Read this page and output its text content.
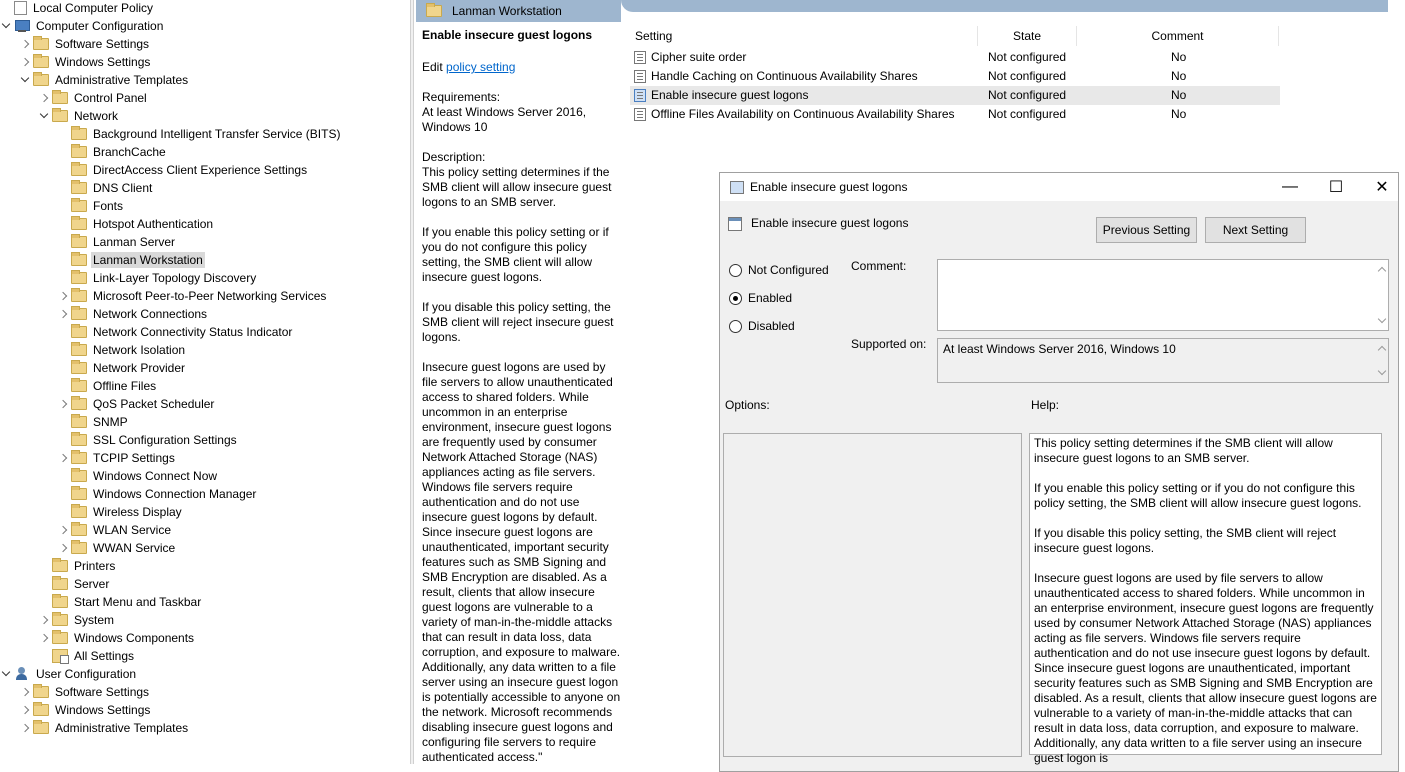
Local Computer Policy
Computer Configuration
Software Settings
Windows Settings
Administrative Templates
Control Panel
Network
Background Intelligent Transfer Service (BITS)
BranchCache
DirectAccess Client Experience Settings
DNS Client
Fonts
Hotspot Authentication
Lanman Server
Lanman Workstation
Link-Layer Topology Discovery
Microsoft Peer-to-Peer Networking Services
Network Connections
Network Connectivity Status Indicator
Network Isolation
Network Provider
Offline Files
QoS Packet Scheduler
SNMP
SSL Configuration Settings
TCPIP Settings
Windows Connect Now
Windows Connection Manager
Wireless Display
WLAN Service
WWAN Service
Printers
Server
Start Menu and Taskbar
System
Windows Components
All Settings
User Configuration
Software Settings
Windows Settings
Administrative Templates
Lanman Workstation
Enable insecure guest logons
Edit policy setting

Requirements:
At least Windows Server 2016, Windows 10

Description:
This policy setting determines if the SMB client will allow insecure guest logons to an SMB server.

If you enable this policy setting or if you do not configure this policy setting, the SMB client will allow insecure guest logons.

If you disable this policy setting, the SMB client will reject insecure guest logons.

Insecure guest logons are used by file servers to allow unauthenticated access to shared folders. While uncommon in an enterprise environment, insecure guest logons are frequently used by consumer Network Attached Storage (NAS) appliances acting as file servers. Windows file servers require authentication and do not use insecure guest logons by default. Since insecure guest logons are unauthenticated, important security features such as SMB Signing and SMB Encryption are disabled. As a result, clients that allow insecure guest logons are vulnerable to a variety of man-in-the-middle attacks that can result in data loss, data corruption, and exposure to malware. Additionally, any data written to a file server using an insecure guest logon is potentially accessible to anyone on the network. Microsoft recommends disabling insecure guest logons and configuring file servers to require authenticated access."

Setting	State	Comment
Cipher suite order	Not configured	No
Handle Caching on Continuous Availability Shares	Not configured	No
Enable insecure guest logons	Not configured	No
Offline Files Availability on Continuous Availability Shares	Not configured	No
Enable insecure guest logons	—	☐	✕
Enable insecure guest logons	Previous Setting	Next Setting
Not Configured
Enabled
Disabled
Comment:
Supported on:	At least Windows Server 2016, Windows 10
Options:	Help:

This policy setting determines if the SMB client will allow insecure guest logons to an SMB server.

If you enable this policy setting or if you do not configure this policy setting, the SMB client will allow insecure guest logons.

If you disable this policy setting, the SMB client will reject insecure guest logons.

Insecure guest logons are used by file servers to allow unauthenticated access to shared folders. While uncommon in an enterprise environment, insecure guest logons are frequently used by consumer Network Attached Storage (NAS) appliances acting as file servers. Windows file servers require authentication and do not use insecure guest logons by default. Since insecure guest logons are unauthenticated, important security features such as SMB Signing and SMB Encryption are disabled. As a result, clients that allow insecure guest logons are vulnerable to a variety of man-in-the-middle attacks that can result in data loss, data corruption, and exposure to malware. Additionally, any data written to a file server using an insecure guest logon is
